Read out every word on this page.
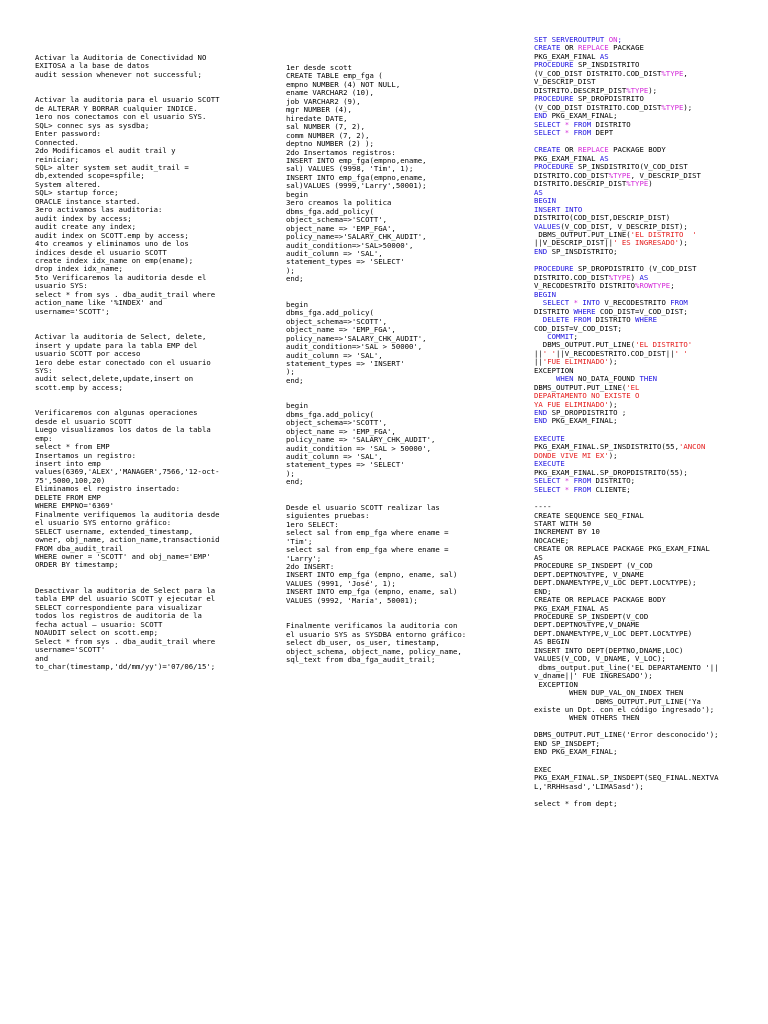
Activar la Auditoria de Conectividad NO
EXITOSA a la base de datos
audit session whenever not successful;
Activar la auditoria para el usuario SCOTT
de ALTERAR Y BORRAR cualquier INDICE.
1ero nos conectamos con el usuario SYS.
SQL> connec sys as sysdba;
Enter password:
Connected.
2do Modificamos el audit trail y
reiniciar;
SQL> alter system set audit_trail =
db,extended scope=spfile;
System altered.
SQL> startup force;
ORACLE instance started.
3ero activamos las auditoria:
audit index by access;
audit create any index;
audit index on SCOTT.emp by access;
4to creamos y eliminamos uno de los
índices desde el usuario SCOTT
create index idx_name on emp(ename);
drop index idx_name;
5to Verificaremos la auditoria desde el
usuario SYS:
select * from sys . dba_audit_trail where
action_name like '%INDEX' and
username='SCOTT';
Activar la auditoria de Select, delete,
insert y update para la tabla EMP del
usuario SCOTT por acceso
1ero debe estar conectado con el usuario
SYS:
audit select,delete,update,insert on
scott.emp by access;
Verificaremos con algunas operaciones
desde el usuario SCOTT
Luego visualizamos los datos de la tabla
emp:
select * from EMP
Insertamos un registro:
insert into emp
values(6369,'ALEX','MANAGER',7566,'12-oct-
75',5000,100,20)
Eliminamos el registro insertado:
DELETE FROM EMP
WHERE EMPNO='6369'
Finalmente verifiquemos la auditoria desde
el usuario SYS entorno gráfico:
SELECT username, extended_timestamp,
owner, obj_name, action_name,transactionid
FROM dba_audit_trail
WHERE owner = 'SCOTT' and obj_name='EMP'
ORDER BY timestamp;
Desactivar la auditoria de Select para la
tabla EMP del usuario SCOTT y ejecutar el
SELECT correspondiente para visualizar
todos los registros de auditoria de la
fecha actual – usuario: SCOTT
NOAUDIT select on scott.emp;
Select * from sys . dba_audit_trail where
username='SCOTT'
and
to_char(timestamp,'dd/mm/yy')='07/06/15';
1er desde scott
CREATE TABLE emp_fga (
empno NUMBER (4) NOT NULL,
ename VARCHAR2 (10),
job VARCHAR2 (9),
mgr NUMBER (4),
hiredate DATE,
sal NUMBER (7, 2),
comm NUMBER (7, 2),
deptno NUMBER (2) );
2do Insertamos registros:
INSERT INTO emp_fga(empno,ename,
sal) VALUES (9998, 'Tim', 1);
INSERT INTO emp_fga(empno,ename,
sal)VALUES (9999,'Larry',50001);
begin
3ero creamos la politica
dbms_fga.add_policy(
object_schema=>'SCOTT',
object_name => 'EMP_FGA',
policy_name=>'SALARY_CHK_AUDIT',
audit_condition=>'SAL>50000',
audit_column => 'SAL',
statement_types => 'SELECT'
);
end;
begin
dbms_fga.add_policy(
object_schema=>'SCOTT',
object_name => 'EMP_FGA',
policy_name=>'SALARY_CHK_AUDIT',
audit_condition=>'SAL > 50000',
audit_column => 'SAL',
statement_types => 'INSERT'
);
end;
begin
dbms_fga.add_policy(
object_schema=>'SCOTT',
object_name => 'EMP_FGA',
policy_name => 'SALARY_CHK_AUDIT',
audit_condition => 'SAL > 50000',
audit_column => 'SAL',
statement_types => 'SELECT'
);
end;
Desde el usuario SCOTT realizar las
siguientes pruebas:
1ero SELECT:
select sal from emp_fga where ename =
'Tim';
select sal from emp_fga where ename =
'Larry';
2do INSERT:
INSERT INTO emp_fga (empno, ename, sal)
VALUES (9991, 'José', 1);
INSERT INTO emp_fga (empno, ename, sal)
VALUES (9992, 'María', 50001);
Finalmente verificamos la auditoria con
el usuario SYS as SYSDBA entorno gráfico:
select db_user, os_user, timestamp,
object_schema, object_name, policy_name,
sql_text from dba_fga_audit_trail;
SET SERVEROUTPUT ON;
CREATE OR REPLACE PACKAGE
PKG_EXAM_FINAL AS
PROCEDURE SP_INSDISTRITO
(V_COD_DIST DISTRITO.COD_DIST%TYPE,
V_DESCRIP_DIST
DISTRITO.DESCRIP_DIST%TYPE);
PROCEDURE SP_DROPDISTRITO
(V_COD_DIST DISTRITO.COD_DIST%TYPE);
END PKG_EXAM_FINAL;
SELECT * FROM DISTRITO
SELECT * FROM DEPT
CREATE OR REPLACE PACKAGE BODY
PKG_EXAM_FINAL AS
PROCEDURE SP_INSDISTRITO(V_COD_DIST
DISTRITO.COD_DIST%TYPE, V_DESCRIP_DIST
DISTRITO.DESCRIP_DIST%TYPE)
AS
BEGIN
INSERT INTO
DISTRITO(COD_DIST,DESCRIP_DIST)
VALUES(V_COD_DIST, V_DESCRIP_DIST);
DBMS_OUTPUT.PUT_LINE('EL DISTRITO  '
||V_DESCRIP_DIST||' ES INGRESADO');
END SP_INSDISTRITO;
PROCEDURE SP_DROPDISTRITO (V_COD_DIST
DISTRITO.COD_DIST%TYPE) AS
V_RECODESTRITO DISTRITO%ROWTYPE;
BEGIN
SELECT * INTO V_RECODESTRITO FROM
DISTRITO WHERE COD_DIST=V_COD_DIST;
DELETE FROM DISTRITO WHERE
COD_DIST=V_COD_DIST;
COMMIT;
DBMS_OUTPUT.PUT_LINE('EL DISTRITO'
||' '||V_RECODESTRITO.COD_DIST||' '
||'FUE ELIMINADO');
EXCEPTION
WHEN NO_DATA_FOUND THEN
DBMS_OUTPUT.PUT_LINE('EL
DEPARTAMENTO NO EXISTE O
YA FUE ELIMINADO');
END SP_DROPDISTRITO ;
END PKG_EXAM_FINAL;
EXECUTE
PKG_EXAM_FINAL.SP_INSDISTRITO(55,'ANCON
DONDE VIVE MI EX');
EXECUTE
PKG_EXAM_FINAL.SP_DROPDISTRITO(55);
SELECT * FROM DISTRITO;
SELECT * FROM CLIENTE;
----
CREATE SEQUENCE SEQ_FINAL
START WITH 50
INCREMENT BY 10
NOCACHE;
CREATE OR REPLACE PACKAGE PKG_EXAM_FINAL
AS
PROCEDURE SP_INSDEPT (V_COD
DEPT.DEPTNO%TYPE, V_DNAME
DEPT.DNAME%TYPE,V_LOC DEPT.LOC%TYPE);
END;
CREATE OR REPLACE PACKAGE BODY
PKG_EXAM_FINAL AS
PROCEDURE SP_INSDEPT(V_COD
DEPT.DEPTNO%TYPE,V_DNAME
DEPT.DNAME%TYPE,V_LOC DEPT.LOC%TYPE)
AS BEGIN
INSERT INTO DEPT(DEPTNO,DNAME,LOC)
VALUES(V_COD, V_DNAME, V_LOC);
dbms_output.put_line('EL DEPARTAMENTO '||
v_dname||' FUE INGRESADO');
EXCEPTION
WHEN DUP_VAL_ON_INDEX THEN
DBMS_OUTPUT.PUT_LINE('Ya
existe un Dpt. con el código ingresado');
WHEN OTHERS THEN
DBMS_OUTPUT.PUT_LINE('Error desconocido');
END SP_INSDEPT;
END PKG_EXAM_FINAL;
EXEC
PKG_EXAM_FINAL.SP_INSDEPT(SEQ_FINAL.NEXTVA
L,'RRHHsasd','LIMASasd');
select * from dept;
